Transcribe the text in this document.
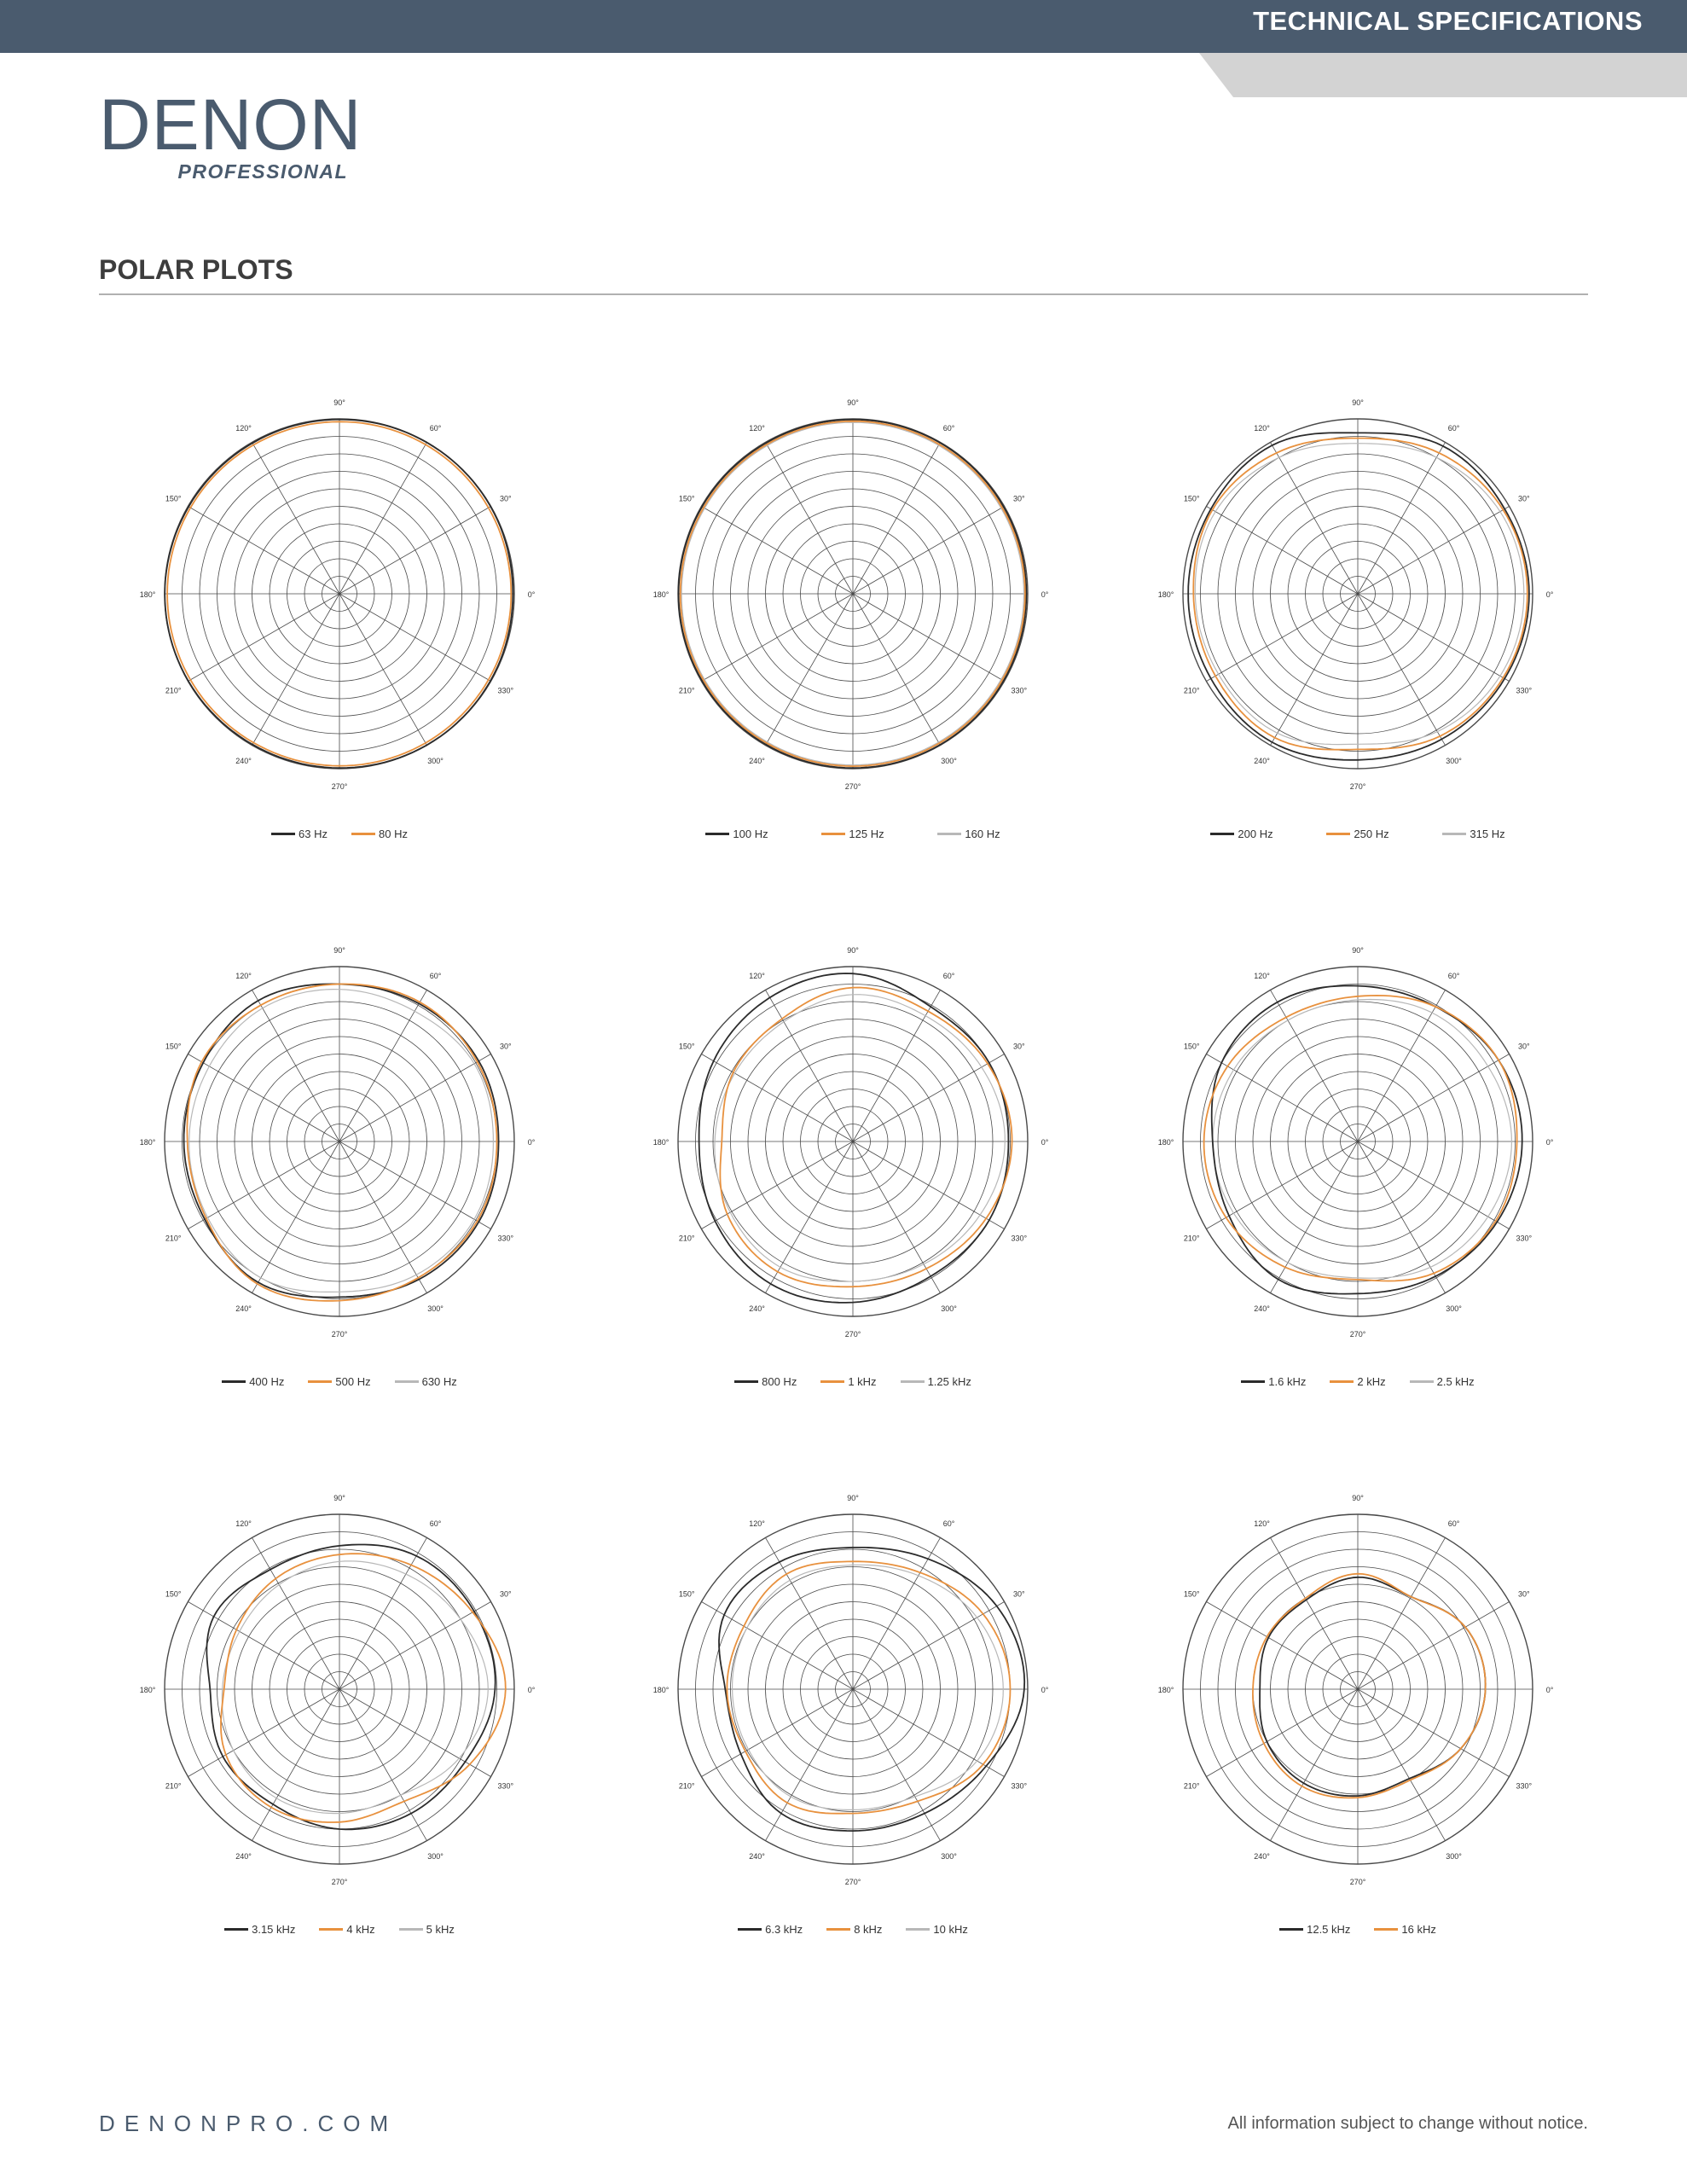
TECHNICAL SPECIFICATIONS
DENON
PROFESSIONAL
POLAR PLOTS
0°
30°
60°
90°
120°
150°
180°
210°
240°
270°
300°
330°
63 Hz	80 Hz
0°
30°
60°
90°
120°
150°
180°
210°
240°
270°
300°
330°
100 Hz	125 Hz	160 Hz
0°
30°
60°
90°
120°
150°
180°
210°
240°
270°
300°
330°
200 Hz	250 Hz	315 Hz
0°
30°
60°
90°
120°
150°
180°
210°
240°
270°
300°
330°
400 Hz	500 Hz	630 Hz
0°
30°
60°
90°
120°
150°
180°
210°
240°
270°
300°
330°
800 Hz	1 kHz	1.25 kHz
0°
30°
60°
90°
120°
150°
180°
210°
240°
270°
300°
330°
1.6 kHz	2 kHz	2.5 kHz
0°
30°
60°
90°
120°
150°
180°
210°
240°
270°
300°
330°
3.15 kHz	4 kHz	5 kHz
0°
30°
60°
90°
120°
150°
180°
210°
240°
270°
300°
330°
6.3 kHz	8 kHz	10 kHz
0°
30°
60°
90°
120°
150°
180°
210°
240°
270°
300°
330°
12.5 kHz	16 kHz
DENONPRO.COM	All information subject to change without notice.
